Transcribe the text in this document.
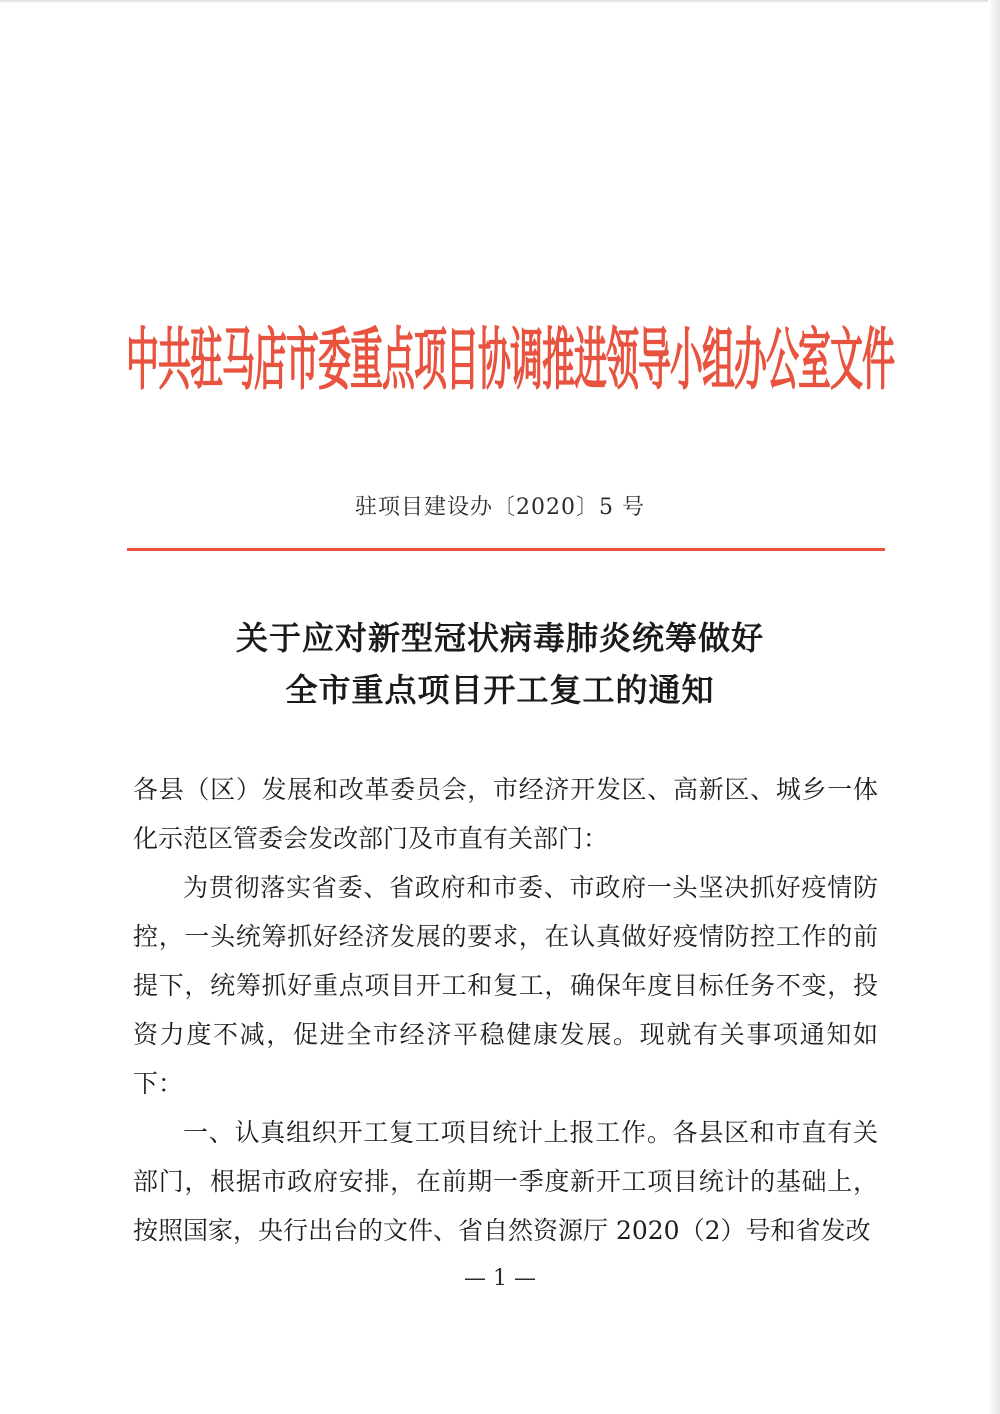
中共驻马店市委重点项目协调推进领导小组办公室文件
驻项目建设办〔2020〕5 号
关于应对新型冠状病毒肺炎统筹做好
全市重点项目开工复工的通知

各县（区）发展和改革委员会，市经济开发区、高新区、城乡一体化示范区管委会发改部门及市直有关部门：

为贯彻落实省委、省政府和市委、市政府一头坚决抓好疫情防控，一头统筹抓好经济发展的要求，在认真做好疫情防控工作的前提下，统筹抓好重点项目开工和复工，确保年度目标任务不变，投资力度不减，促进全市经济平稳健康发展。现就有关事项通知如下：

一、认真组织开工复工项目统计上报工作。各县区和市直有关部门，根据市政府安排，在前期一季度新开工项目统计的基础上，按照国家，央行出台的文件、省自然资源厅 2020（2）号和省发改

— 1 —
